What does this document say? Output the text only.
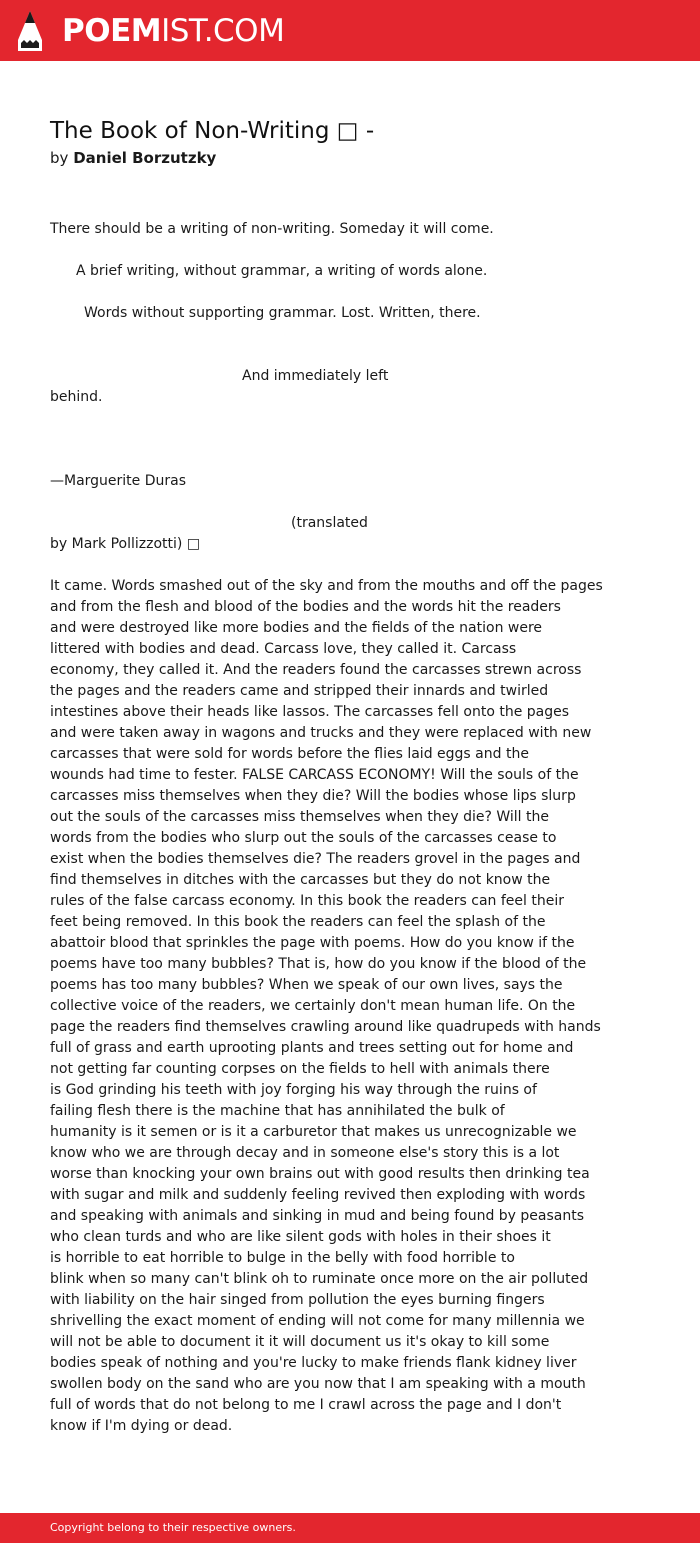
POEMIST.COM
The Book of Non-Writing □ -
by Daniel Borzutzky
There should be a writing of non-writing. Someday it will come.
A brief writing, without grammar, a writing of words alone.
Words without supporting grammar. Lost. Written, there.
And immediately left
behind.
—Marguerite Duras
(translated
by Mark Pollizzotti) □

It came. Words smashed out of the sky and from the mouths and off the pages
and from the flesh and blood of the bodies and the words hit the readers
and were destroyed like more bodies and the fields of the nation were
littered with bodies and dead. Carcass love, they called it. Carcass
economy, they called it. And the readers found the carcasses strewn across
the pages and the readers came and stripped their innards and twirled
intestines above their heads like lassos. The carcasses fell onto the pages
and were taken away in wagons and trucks and they were replaced with new
carcasses that were sold for words before the flies laid eggs and the
wounds had time to fester. FALSE CARCASS ECONOMY! Will the souls of the
carcasses miss themselves when they die? Will the bodies whose lips slurp
out the souls of the carcasses miss themselves when they die? Will the
words from the bodies who slurp out the souls of the carcasses cease to
exist when the bodies themselves die? The readers grovel in the pages and
find themselves in ditches with the carcasses but they do not know the
rules of the false carcass economy. In this book the readers can feel their
feet being removed. In this book the readers can feel the splash of the
abattoir blood that sprinkles the page with poems. How do you know if the
poems have too many bubbles? That is, how do you know if the blood of the
poems has too many bubbles? When we speak of our own lives, says the
collective voice of the readers, we certainly don't mean human life. On the
page the readers find themselves crawling around like quadrupeds with hands
full of grass and earth uprooting plants and trees setting out for home and
not getting far counting corpses on the fields to hell with animals there
is God grinding his teeth with joy forging his way through the ruins of
failing flesh there is the machine that has annihilated the bulk of
humanity is it semen or is it a carburetor that makes us unrecognizable we
know who we are through decay and in someone else's story this is a lot
worse than knocking your own brains out with good results then drinking tea
with sugar and milk and suddenly feeling revived then exploding with words
and speaking with animals and sinking in mud and being found by peasants
who clean turds and who are like silent gods with holes in their shoes it
is horrible to eat horrible to bulge in the belly with food horrible to
blink when so many can't blink oh to ruminate once more on the air polluted
with liability on the hair singed from pollution the eyes burning fingers
shrivelling the exact moment of ending will not come for many millennia we
will not be able to document it it will document us it's okay to kill some
bodies speak of nothing and you're lucky to make friends flank kidney liver
swollen body on the sand who are you now that I am speaking with a mouth
full of words that do not belong to me I crawl across the page and I don't
know if I'm dying or dead.

Copyright belong to their respective owners.
